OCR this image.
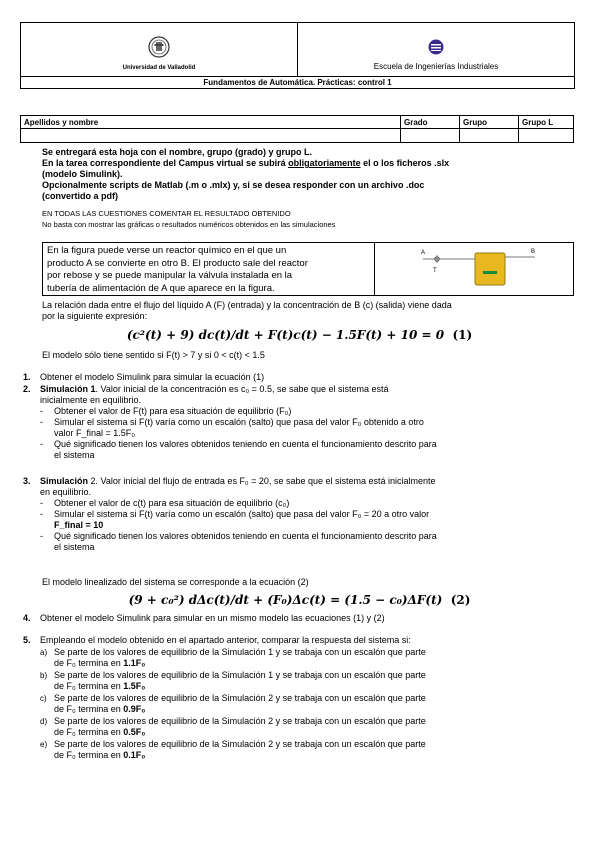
Universidad de Valladolid	Escuela de Ingenierías Industriales

Fundamentos de Automática. Prácticas: control 1
Apellidos y nombre	Grado	Grupo	Grupo L

Se entregará esta hoja con el nombre, grupo (grado) y grupo L.
En la tarea correspondiente del Campus virtual se subirá obligatoriamente el o los ficheros .slx
(modelo Simulink).
Opcionalmente scripts de Matlab (.m o .mlx) y, si se desea responder con un archivo .doc
(convertido a pdf)
EN TODAS LAS CUESTIONES COMENTAR EL RESULTADO OBTENIDO
No basta con mostrar las gráficas o resultados numéricos obtenidos en las simulaciones
En la figura puede verse un reactor químico en el que un
producto A se convierte en otro B. El producto sale del reactor
por rebose y se puede manipular la válvula instalada en la
tubería de alimentación de A que aparece en la figura.
A	B
T
La relación dada entre el flujo del líquido A (F) (entrada) y la concentración de B (c) (salida) viene dada
por la siguiente expresión:
(c²(t) + 9) dc(t)/dt + F(t)c(t) − 1.5F(t) + 10 = 0 (1)
El modelo sólo tiene sentido si F(t) > 7 y si 0 < c(t) < 1.5
1. Obtener el modelo Simulink para simular la ecuación (1)
2. Simulación 1. Valor inicial de la concentración es c₀ = 0.5, se sabe que el sistema está
inicialmente en equilibrio.
- Obtener el valor de F(t) para esa situación de equilibrio (F₀)
- Simular el sistema si F(t) varía como un escalón (salto) que pasa del valor F₀ obtenido a otro
valor F_final = 1.5F₀
- Qué significado tienen los valores obtenidos teniendo en cuenta el funcionamiento descrito para
el sistema
3. Simulación 2. Valor inicial del flujo de entrada es F₀ = 20, se sabe que el sistema está inicialmente
en equilibrio.
- Obtener el valor de c(t) para esa situación de equilibrio (c₀)
- Simular el sistema si F(t) varía como un escalón (salto) que pasa del valor F₀ = 20 a otro valor
F_final = 10
- Qué significado tienen los valores obtenidos teniendo en cuenta el funcionamiento descrito para
el sistema
El modelo linealizado del sistema se corresponde a la ecuación (2)
(9 + c₀²) dΔc(t)/dt + (F₀)Δc(t) = (1.5 − c₀)ΔF(t) (2)
4. Obtener el modelo Simulink para simular en un mismo modelo las ecuaciones (1) y (2)
5. Empleando el modelo obtenido en el apartado anterior, comparar la respuesta del sistema si:
a) Se parte de los valores de equilibrio de la Simulación 1 y se trabaja con un escalón que parte
de F₀ termina en 1.1F₀
b) Se parte de los valores de equilibrio de la Simulación 1 y se trabaja con un escalón que parte
de F₀ termina en 1.5F₀
c) Se parte de los valores de equilibrio de la Simulación 2 y se trabaja con un escalón que parte
de F₀ termina en 0.9F₀
d) Se parte de los valores de equilibrio de la Simulación 2 y se trabaja con un escalón que parte
de F₀ termina en 0.5F₀
e) Se parte de los valores de equilibrio de la Simulación 2 y se trabaja con un escalón que parte
de F₀ termina en 0.1F₀
